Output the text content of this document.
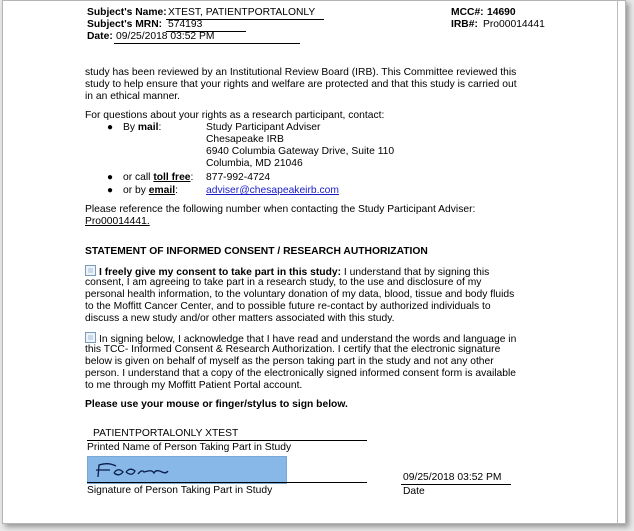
Subject's Name: XTEST, PATIENTPORTALONLY
Subject's MRN: 574193
Date: 09/25/2018 03:52 PM
MCC#: 14690
IRB#: Pro00014441
study has been reviewed by an Institutional Review Board (IRB). This Committee reviewed this
study to help ensure that your rights and welfare are protected and that this study is carried out
in an ethical manner.
For questions about your rights as a research participant, contact:
● By mail:	Study Participant Adviser
Chesapeake IRB
6940 Columbia Gateway Drive, Suite 110
Columbia, MD 21046
● or call toll free: 877-992-4724
● or by email:	adviser@chesapeakeirb.com
Please reference the following number when contacting the Study Participant Adviser:
Pro00014441.
STATEMENT OF INFORMED CONSENT / RESEARCH AUTHORIZATION
I freely give my consent to take part in this study: I understand that by signing this
consent, I am agreeing to take part in a research study, to the use and disclosure of my
personal health information, to the voluntary donation of my data, blood, tissue and body fluids
to the Moffitt Cancer Center, and to possible future re-contact by authorized individuals to
discuss a new study and/or other matters associated with this study.
In signing below, I acknowledge that I have read and understand the words and language in
this TCC- Informed Consent & Research Authorization. I certify that the electronic signature
below is given on behalf of myself as the person taking part in the study and not any other
person. I understand that a copy of the electronically signed informed consent form is available
to me through my Moffitt Patient Portal account.
Please use your mouse or finger/stylus to sign below.
PATIENTPORTALONLY XTEST
Printed Name of Person Taking Part in Study
Signature of Person Taking Part in Study
09/25/2018 03:52 PM
Date
